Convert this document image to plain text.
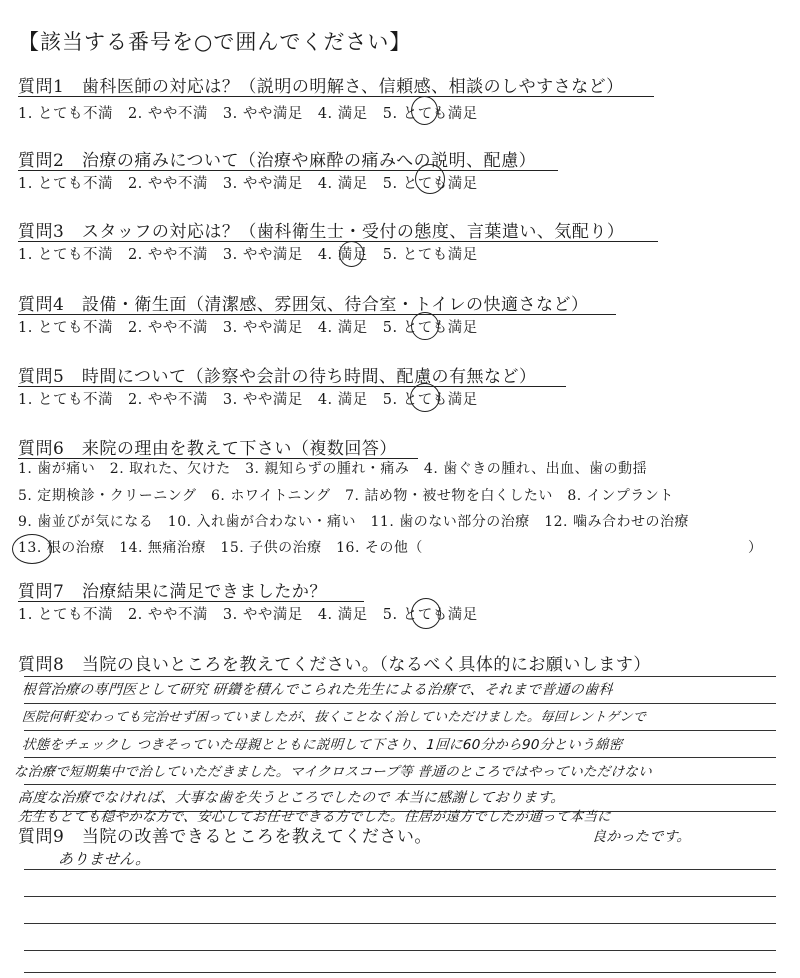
【該当する番号を○で囲んでください】
質問1　歯科医師の対応は？（説明の明解さ、信頼感、相談のしやすさなど）
1. とても不満　2. やや不満　3. やや満足　4. 満足　5. とても満足
質問2　治療の痛みについて（治療や麻酔の痛みへの説明、配慮）
1. とても不満　2. やや不満　3. やや満足　4. 満足　5. とても満足
質問3　スタッフの対応は？（歯科衛生士・受付の態度、言葉遣い、気配り）
1. とても不満　2. やや不満　3. やや満足　4. 満足　5. とても満足
質問4　設備・衛生面（清潔感、雰囲気、待合室・トイレの快適さなど）
1. とても不満　2. やや不満　3. やや満足　4. 満足　5. とても満足
質問5　時間について（診察や会計の待ち時間、配慮の有無など）
1. とても不満　2. やや不満　3. やや満足　4. 満足　5. とても満足
質問6　来院の理由を教えて下さい（複数回答）
1. 歯が痛い　2. 取れた、欠けた　3. 親知らずの腫れ・痛み　4. 歯ぐきの腫れ、出血、歯の動揺
5. 定期検診・クリーニング　6. ホワイトニング　7. 詰め物・被せ物を白くしたい　8. インプラント
9. 歯並びが気になる　10. 入れ歯が合わない・痛い　11. 歯のない部分の治療　12. 噛み合わせの治療
13. 根の治療　14. 無痛治療　15. 子供の治療　16. その他（	）
質問7　治療結果に満足できましたか？
1. とても不満　2. やや不満　3. やや満足　4. 満足　5. とても満足
質問8　当院の良いところを教えてください。（なるべく具体的にお願いします）
根管治療の専門医として研究 研鑽を積んでこられた先生による治療で、それまで普通の歯科
医院何軒変わっても完治せず困っていましたが、抜くことなく治していただけました。毎回レントゲンで
状態をチェックし つきそっていた母親とともに説明して下さり、1回に60分から90分という綿密
な治療で短期集中で治していただきました。マイクロスコープ等 普通のところではやっていただけない
高度な治療でなければ、大事な歯を失うところでしたので 本当に感謝しております。
先生もとても穏やかな方で、安心してお任せできる方でした。住居が遠方でしたが通って本当に
良かったです。
質問9　当院の改善できるところを教えてください。
ありません。
